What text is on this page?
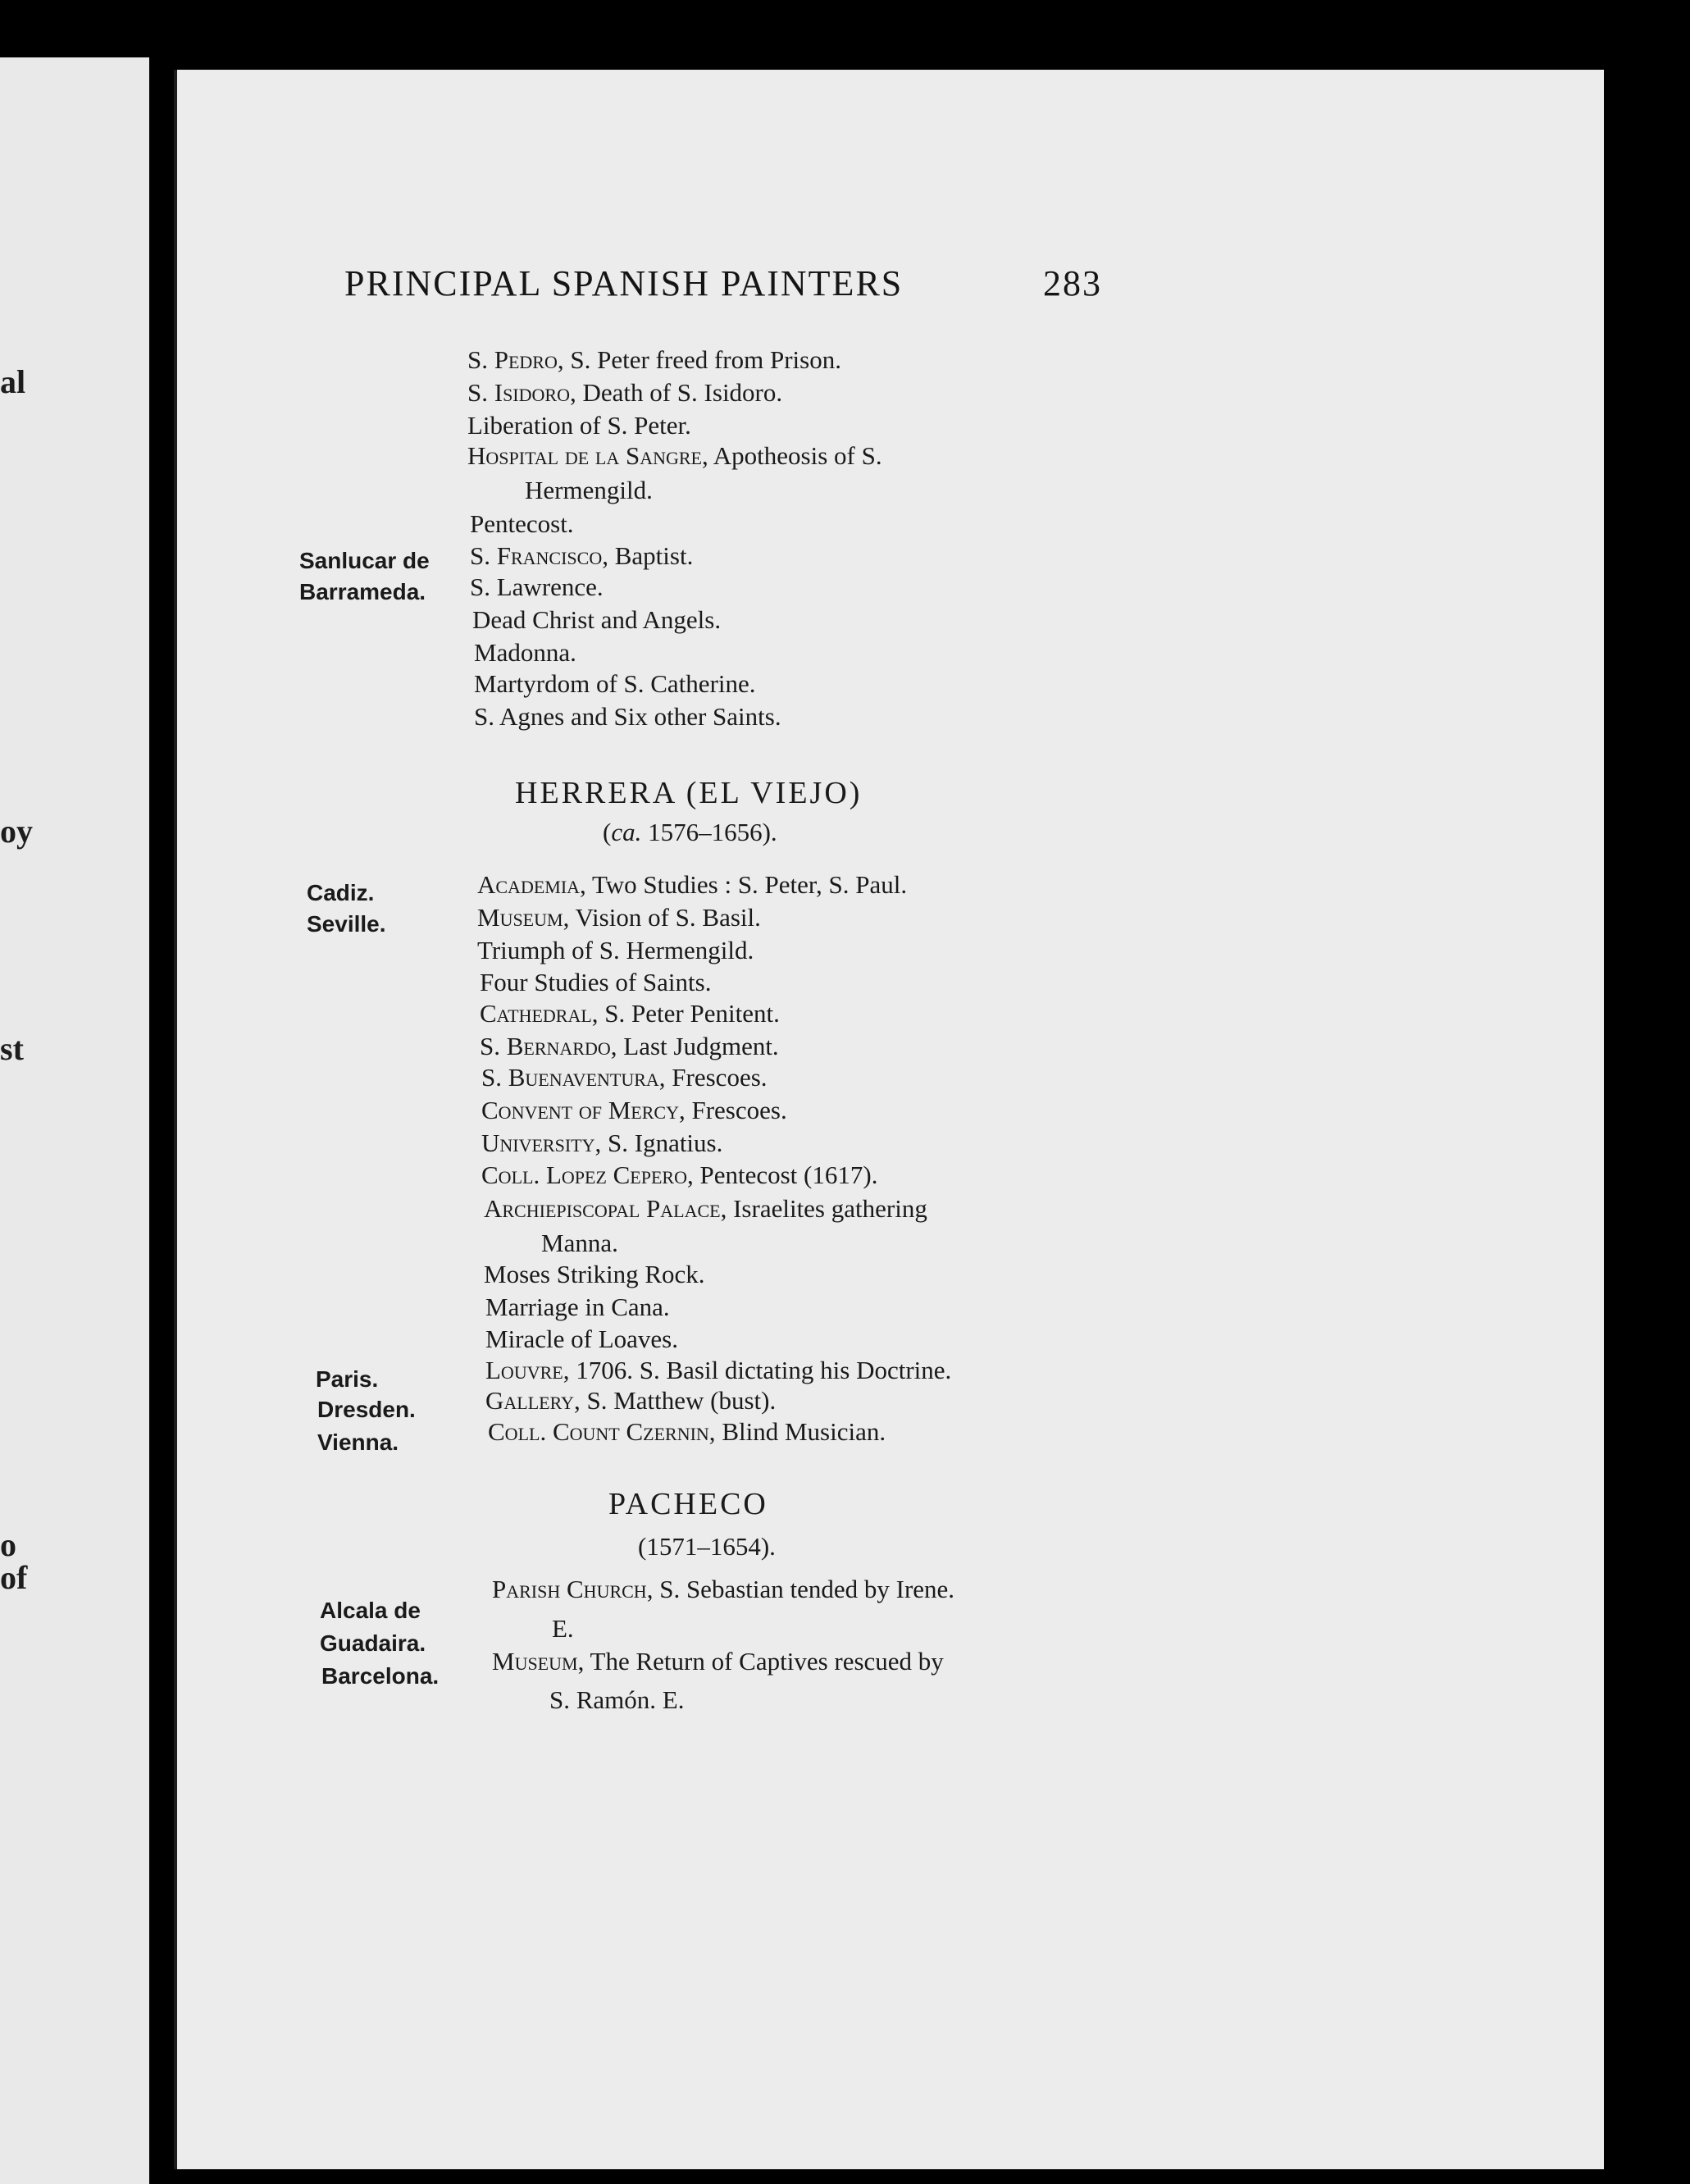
al
oy
st
o
of
PRINCIPAL SPANISH PAINTERS	283
S. Pedro, S. Peter freed from Prison.
S. Isidoro, Death of S. Isidoro.
Liberation of S. Peter.
Hospital de la Sangre, Apotheosis of S.
Hermengild.
Pentecost.
S. Francisco, Baptist.
S. Lawrence.
Dead Christ and Angels.
Madonna.
Martyrdom of S. Catherine.
S. Agnes and Six other Saints.
Sanlucar de
Barrameda.
HERRERA (EL VIEJO)
(ca. 1576–1656).
Academia, Two Studies : S. Peter, S. Paul.
Museum, Vision of S. Basil.
Triumph of S. Hermengild.
Four Studies of Saints.
Cathedral, S. Peter Penitent.
S. Bernardo, Last Judgment.
S. Buenaventura, Frescoes.
Convent of Mercy, Frescoes.
University, S. Ignatius.
Coll. Lopez Cepero, Pentecost (1617).
Archiepiscopal Palace, Israelites gathering
Manna.
Moses Striking Rock.
Marriage in Cana.
Miracle of Loaves.
Louvre, 1706. S. Basil dictating his Doctrine.
Gallery, S. Matthew (bust).
Coll. Count Czernin, Blind Musician.
Cadiz.
Seville.
Paris.
Dresden.
Vienna.
PACHECO
(1571–1654).
Parish Church, S. Sebastian tended by Irene.
E.
Museum, The Return of Captives rescued by
S. Ramón. E.
Alcala de
Guadaira.
Barcelona.
